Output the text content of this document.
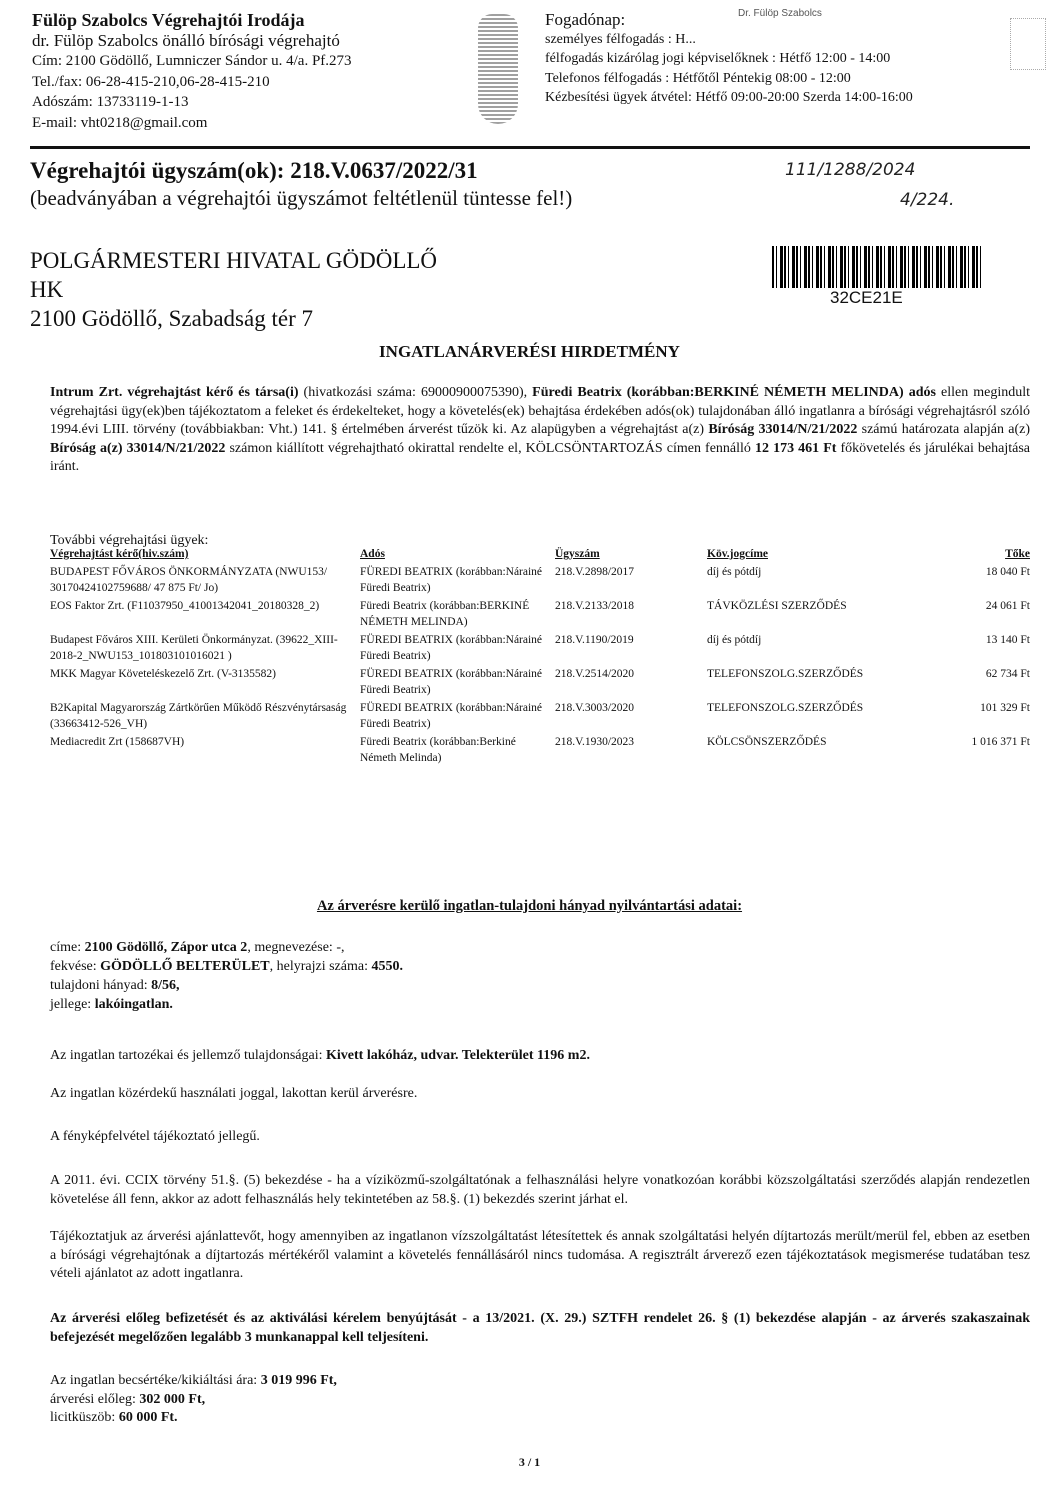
Fülöp Szabolcs Végrehajtói Irodája
dr. Fülöp Szabolcs önálló bírósági végrehajtó
Cím: 2100 Gödöllő, Lumniczer Sándor u. 4/a. Pf.273
Tel./fax: 06-28-415-210,06-28-415-210
Adószám: 13733119-1-13
E-mail: vht0218@gmail.com
Fogadónap:
személyes félfogadás : H...
félfogadás kizárólag jogi képviselőknek : Hétfő 12:00 - 14:00
Telefonos félfogadás : Hétfőtől Péntekig 08:00 - 12:00
Kézbesítési ügyek átvétel: Hétfő 09:00-20:00 Szerda 14:00-16:00
Dr. Fülöp Szabolcs
Végrehajtói ügyszám(ok): 218.V.0637/2022/31
(beadványában a végrehajtói ügyszámot feltétlenül tüntesse fel!)
111/1288/2024
4/224.
POLGÁRMESTERI HIVATAL GÖDÖLLŐ
HK
2100 Gödöllő, Szabadság tér 7
32CE21E
INGATLANÁRVERÉSI HIRDETMÉNY
Intrum Zrt. végrehajtást kérő és társa(i) (hivatkozási száma: 69000900075390), Füredi Beatrix (korábban:BERKINÉ NÉMETH MELINDA) adós ellen megindult végrehajtási ügy(ek)ben tájékoztatom a feleket és érdekelteket, hogy a követelés(ek) behajtása érdekében adós(ok) tulajdonában álló ingatlanra a bírósági végrehajtásról szóló 1994.évi LIII. törvény (továbbiakban: Vht.) 141. § értelmében árverést tűzök ki. Az alapügyben a végrehajtást a(z) Bíróság 33014/N/21/2022 számú határozata alapján a(z) Bíróság a(z) 33014/N/21/2022 számon kiállított végrehajtható okirattal rendelte el, KÖLCSÖNTARTOZÁS címen fennálló 12 173 461 Ft főkövetelés és járulékai behajtása iránt.
További végrehajtási ügyek:
Végrehajtást kérő(hiv.szám)	Adós	Ügyszám	Köv.jogcíme	Tőke
BUDAPEST FŐVÁROS ÖNKORMÁNYZATA (NWU153/ 30170424102759688/ 47 875 Ft/ Jo)	FÜREDI BEATRIX (korábban:Nárainé Füredi Beatrix)	218.V.2898/2017	díj és pótdíj	18 040 Ft
EOS Faktor Zrt. (F11037950_41001342041_20180328_2)	Füredi Beatrix (korábban:BERKINÉ NÉMETH MELINDA)	218.V.2133/2018	TÁVKÖZLÉSI SZERZŐDÉS	24 061 Ft
Budapest Főváros XIII. Kerületi Önkormányzat. (39622_XIII-2018-2_NWU153_101803101016021 )	FÜREDI BEATRIX (korábban:Nárainé Füredi Beatrix)	218.V.1190/2019	díj és pótdíj	13 140 Ft
MKK Magyar Követeléskezelő Zrt. (V-3135582)	FÜREDI BEATRIX (korábban:Nárainé Füredi Beatrix)	218.V.2514/2020	TELEFONSZOLG.SZERZŐDÉS	62 734 Ft
B2Kapital Magyarország Zártkörűen Működő Részvénytársaság (33663412-526_VH)	FÜREDI BEATRIX (korábban:Nárainé Füredi Beatrix)	218.V.3003/2020	TELEFONSZOLG.SZERZŐDÉS	101 329 Ft
Mediacredit Zrt (158687VH)	Füredi Beatrix (korábban:Berkiné Németh Melinda)	218.V.1930/2023	KÖLCSÖNSZERZŐDÉS	1 016 371 Ft
Az árverésre kerülő ingatlan-tulajdoni hányad nyilvántartási adatai:
címe: 2100 Gödöllő, Zápor utca 2, megnevezése: -,
fekvése: GÖDÖLLŐ BELTERÜLET, helyrajzi száma: 4550.
tulajdoni hányad: 8/56,
jellege: lakóingatlan.
Az ingatlan tartozékai és jellemző tulajdonságai: Kivett lakóház, udvar. Telekterület 1196 m2.
Az ingatlan közérdekű használati joggal, lakottan kerül árverésre.
A fényképfelvétel tájékoztató jellegű.
A 2011. évi. CCIX törvény 51.§. (5) bekezdése - ha a víziközmű-szolgáltatónak a felhasználási helyre vonatkozóan korábbi közszolgáltatási szerződés alapján rendezetlen követelése áll fenn, akkor az adott felhasználás hely tekintetében az 58.§. (1) bekezdés szerint járhat el.
Tájékoztatjuk az árverési ajánlattevőt, hogy amennyiben az ingatlanon vízszolgáltatást létesítettek és annak szolgáltatási helyén díjtartozás merült/merül fel, ebben az esetben a bírósági végrehajtónak a díjtartozás mértékéről valamint a követelés fennállásáról nincs tudomása. A regisztrált árverező ezen tájékoztatások megismerése tudatában tesz vételi ajánlatot az adott ingatlanra.
Az árverési előleg befizetését és az aktiválási kérelem benyújtását - a 13/2021. (X. 29.) SZTFH rendelet 26. § (1) bekezdése alapján - az árverés szakaszainak befejezését megelőzően legalább 3 munkanappal kell teljesíteni.
Az ingatlan becsértéke/kikiáltási ára: 3 019 996 Ft,
árverési előleg: 302 000 Ft,
licitküszöb: 60 000 Ft.
3 / 1
